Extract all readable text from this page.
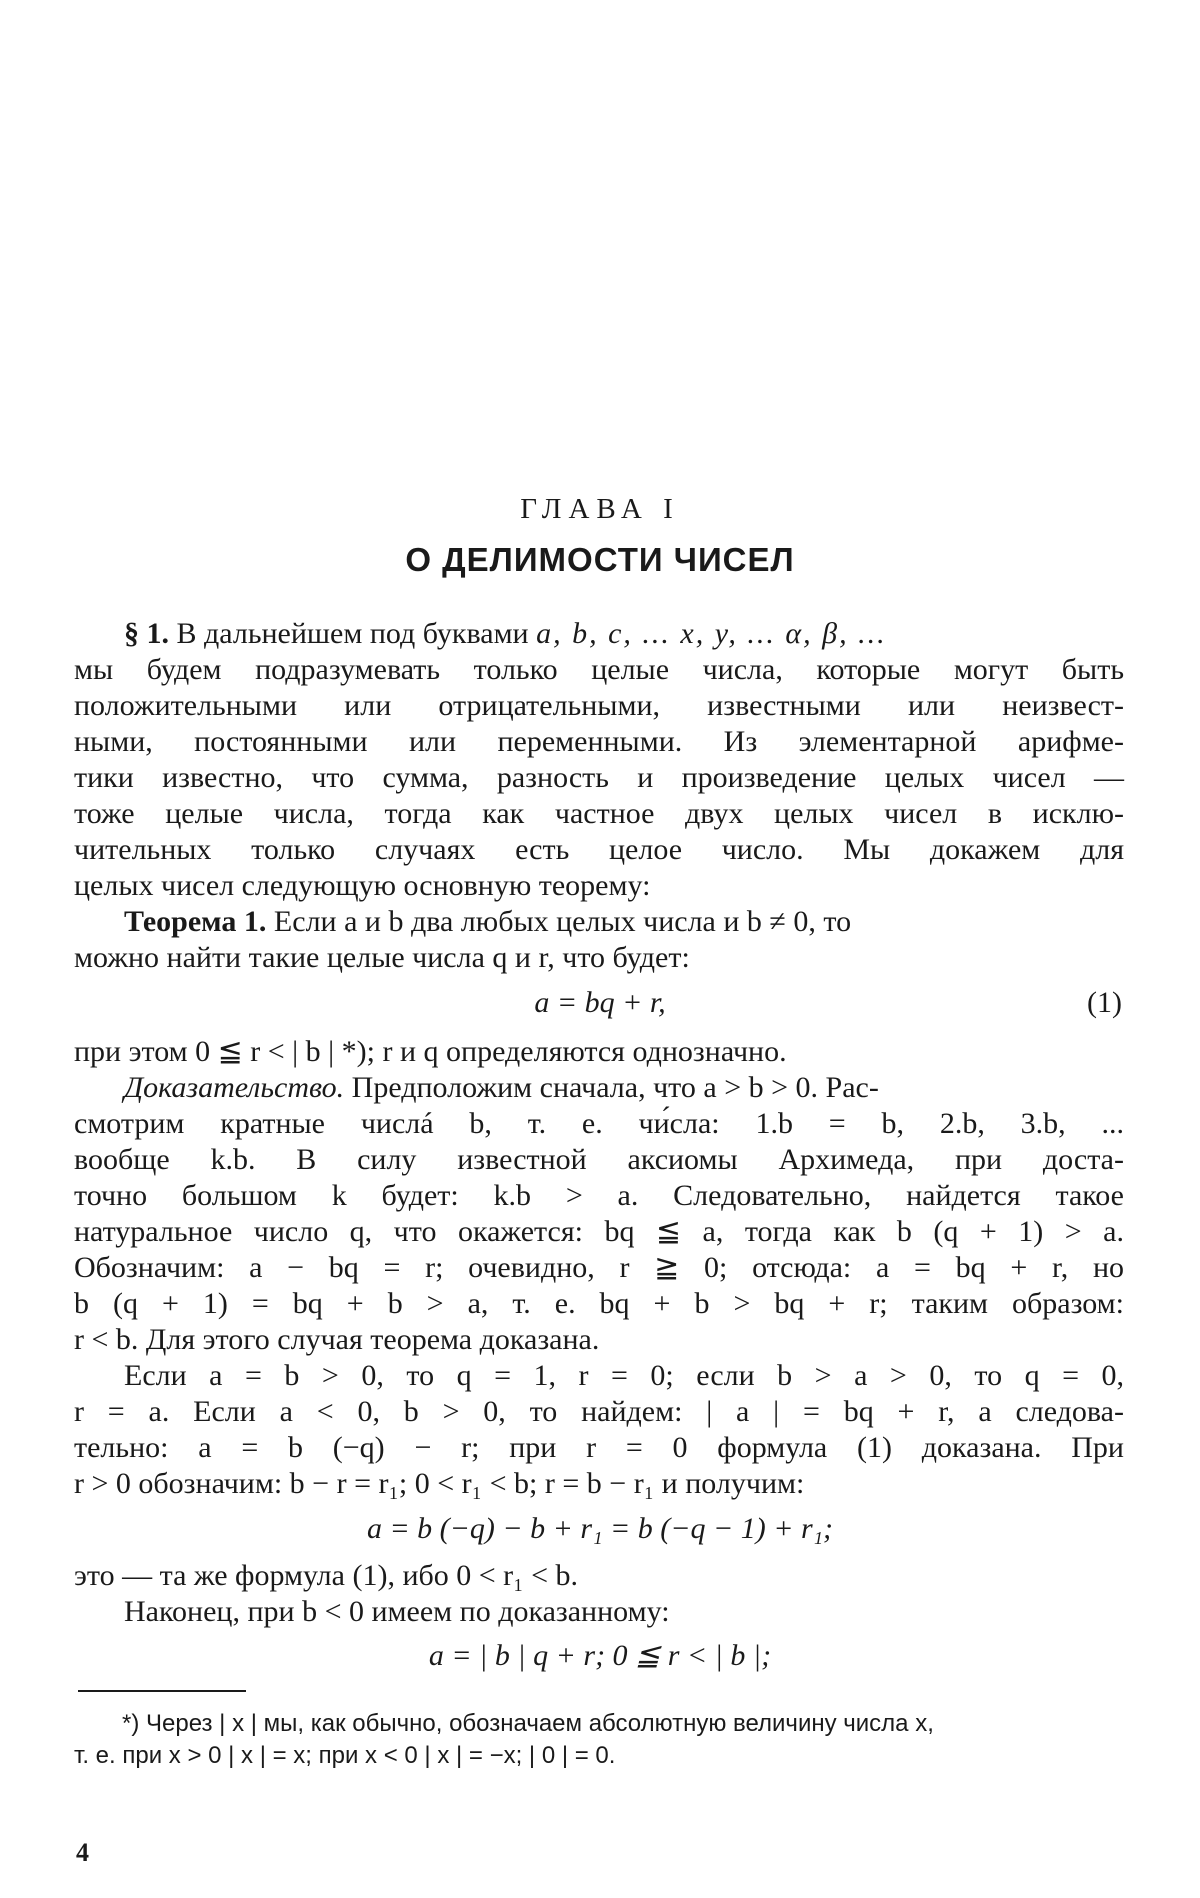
ГЛАВА I
О ДЕЛИМОСТИ ЧИСЕЛ
§ 1. В дальнейшем под буквами a, b, c, ... x, y, ... α, β, ...
мы будем подразумевать только целые числа, которые могут быть
положительными или отрицательными, известными или неизвест-
ными, постоянными или переменными. Из элементарной арифме-
тики известно, что сумма, разность и произведение целых чисел —
тоже целые числа, тогда как частное двух целых чисел в исклю-
чительных только случаях есть целое число. Мы докажем для
целых чисел следующую основную теорему:
Теорема 1. Если a и b два любых целых числа и b ≠ 0, то
можно найти такие целые числа q и r, что будет:
a = bq + r,	(1)
при этом 0 ≦ r < | b | *); r и q определяются однозначно.
Доказательство. Предположим сначала, что a > b > 0. Рас-
смотрим кратные числá b, т. е. чи́сла: 1.b = b, 2.b, 3.b, ...
вообще k.b. В силу известной аксиомы Архимеда, при доста-
точно большом k будет: k.b > a. Следовательно, найдется такое
натуральное число q, что окажется: bq ≦ a, тогда как b (q + 1) > a.
Обозначим: a − bq = r; очевидно, r ≧ 0; отсюда: a = bq + r, но
b (q + 1) = bq + b > a, т. е. bq + b > bq + r; таким образом:
r < b. Для этого случая теорема доказана.
Если a = b > 0, то q = 1, r = 0; если b > a > 0, то q = 0,
r = a. Если a < 0, b > 0, то найдем: | a | = bq + r, а следова-
тельно: a = b (−q) − r; при r = 0 формула (1) доказана. При
r > 0 обозначим: b − r = r₁; 0 < r₁ < b; r = b − r₁ и получим:
a = b (−q) − b + r₁ = b (−q − 1) + r₁;
это — та же формула (1), ибо 0 < r₁ < b.
Наконец, при b < 0 имеем по доказанному:
a = | b | q + r; 0 ≦ r < | b |;
*) Через | x | мы, как обычно, обозначаем абсолютную величину числа x,
т. е. при x > 0 | x | = x; при x < 0 | x | = −x; | 0 | = 0.
4
